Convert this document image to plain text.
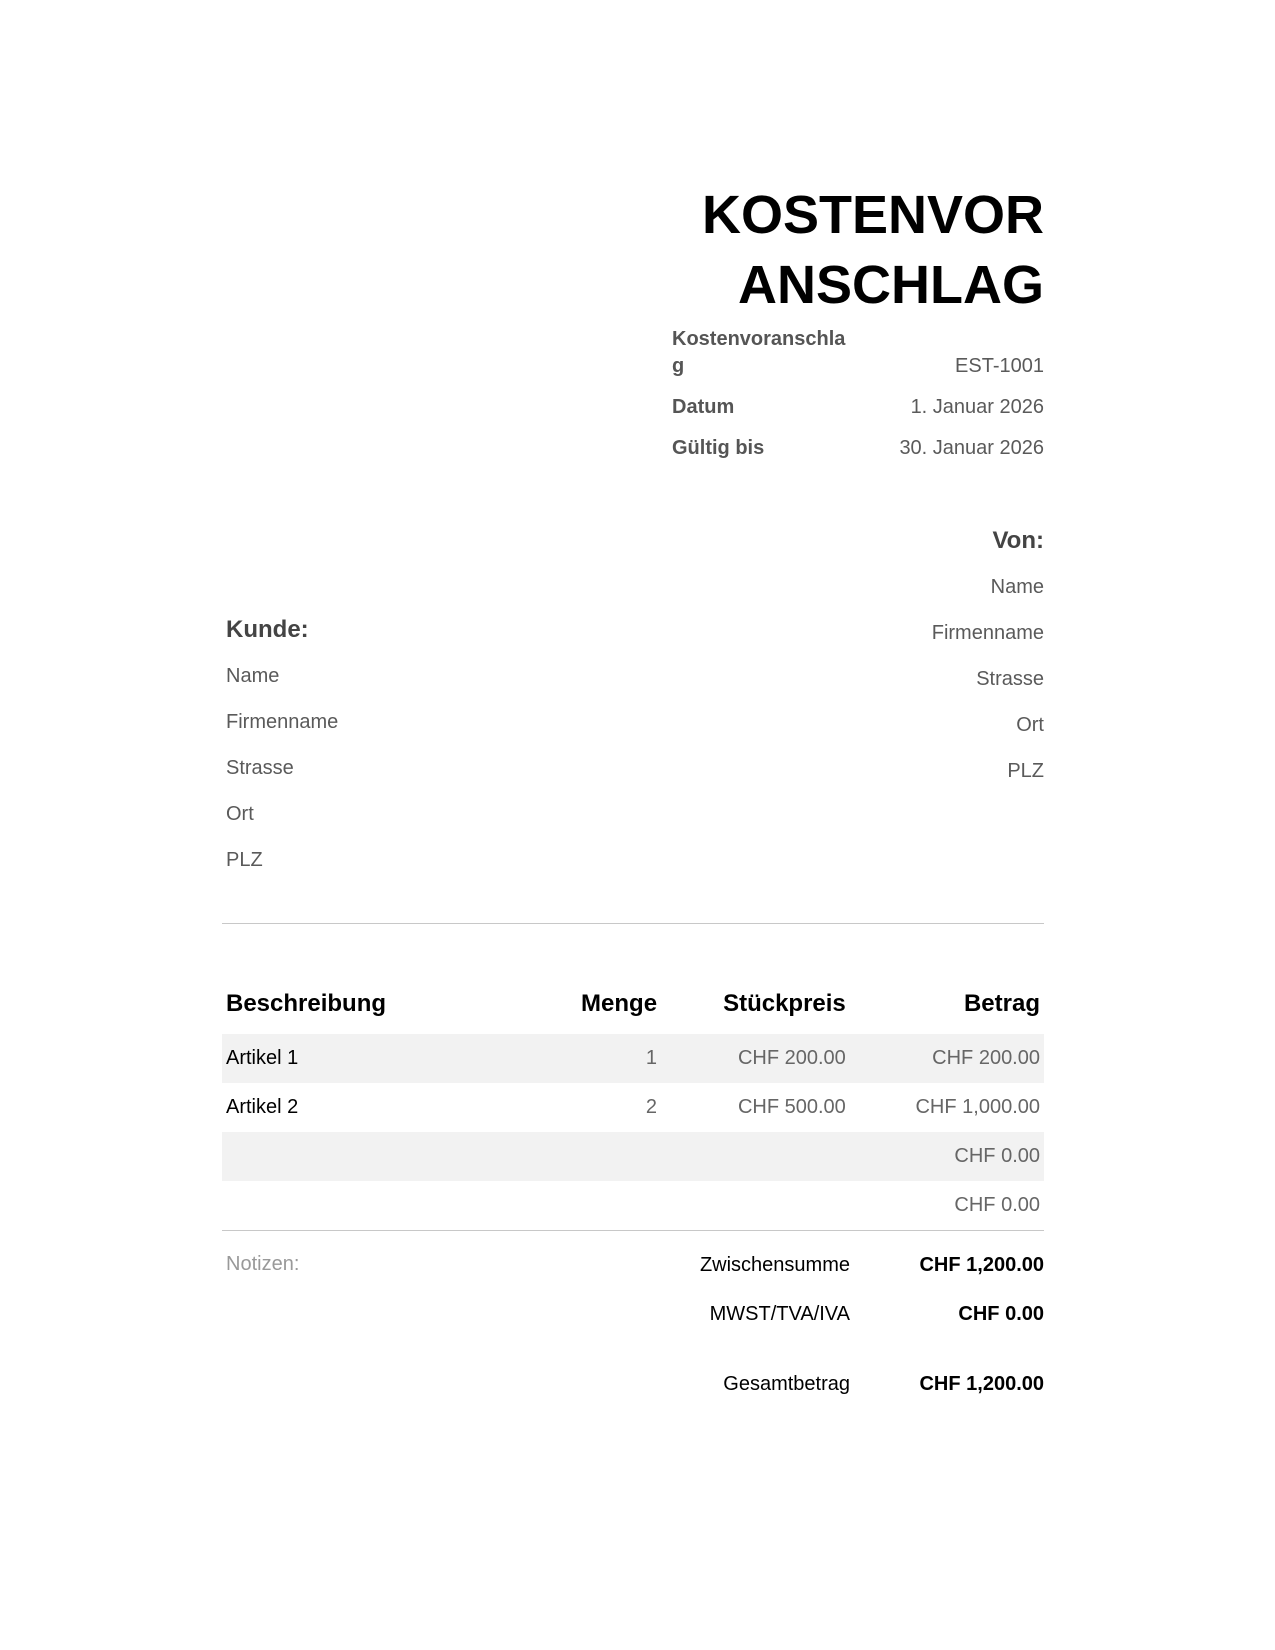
KOSTENVOR
ANSCHLAG
Kostenvoranschlag	EST-1001
Datum	1. Januar 2026
Gültig bis	30. Januar 2026
Von:
Name
Firmenname
Strasse
Ort
PLZ
Kunde:
Name
Firmenname
Strasse
Ort
PLZ
Beschreibung	Menge	Stückpreis	Betrag
Artikel 1	1	CHF 200.00	CHF 200.00
Artikel 2	2	CHF 500.00	CHF 1,000.00
			CHF 0.00
			CHF 0.00
Notizen:	Zwischensumme	CHF 1,200.00
MWST/TVA/IVA	CHF 0.00
Gesamtbetrag	CHF 1,200.00
